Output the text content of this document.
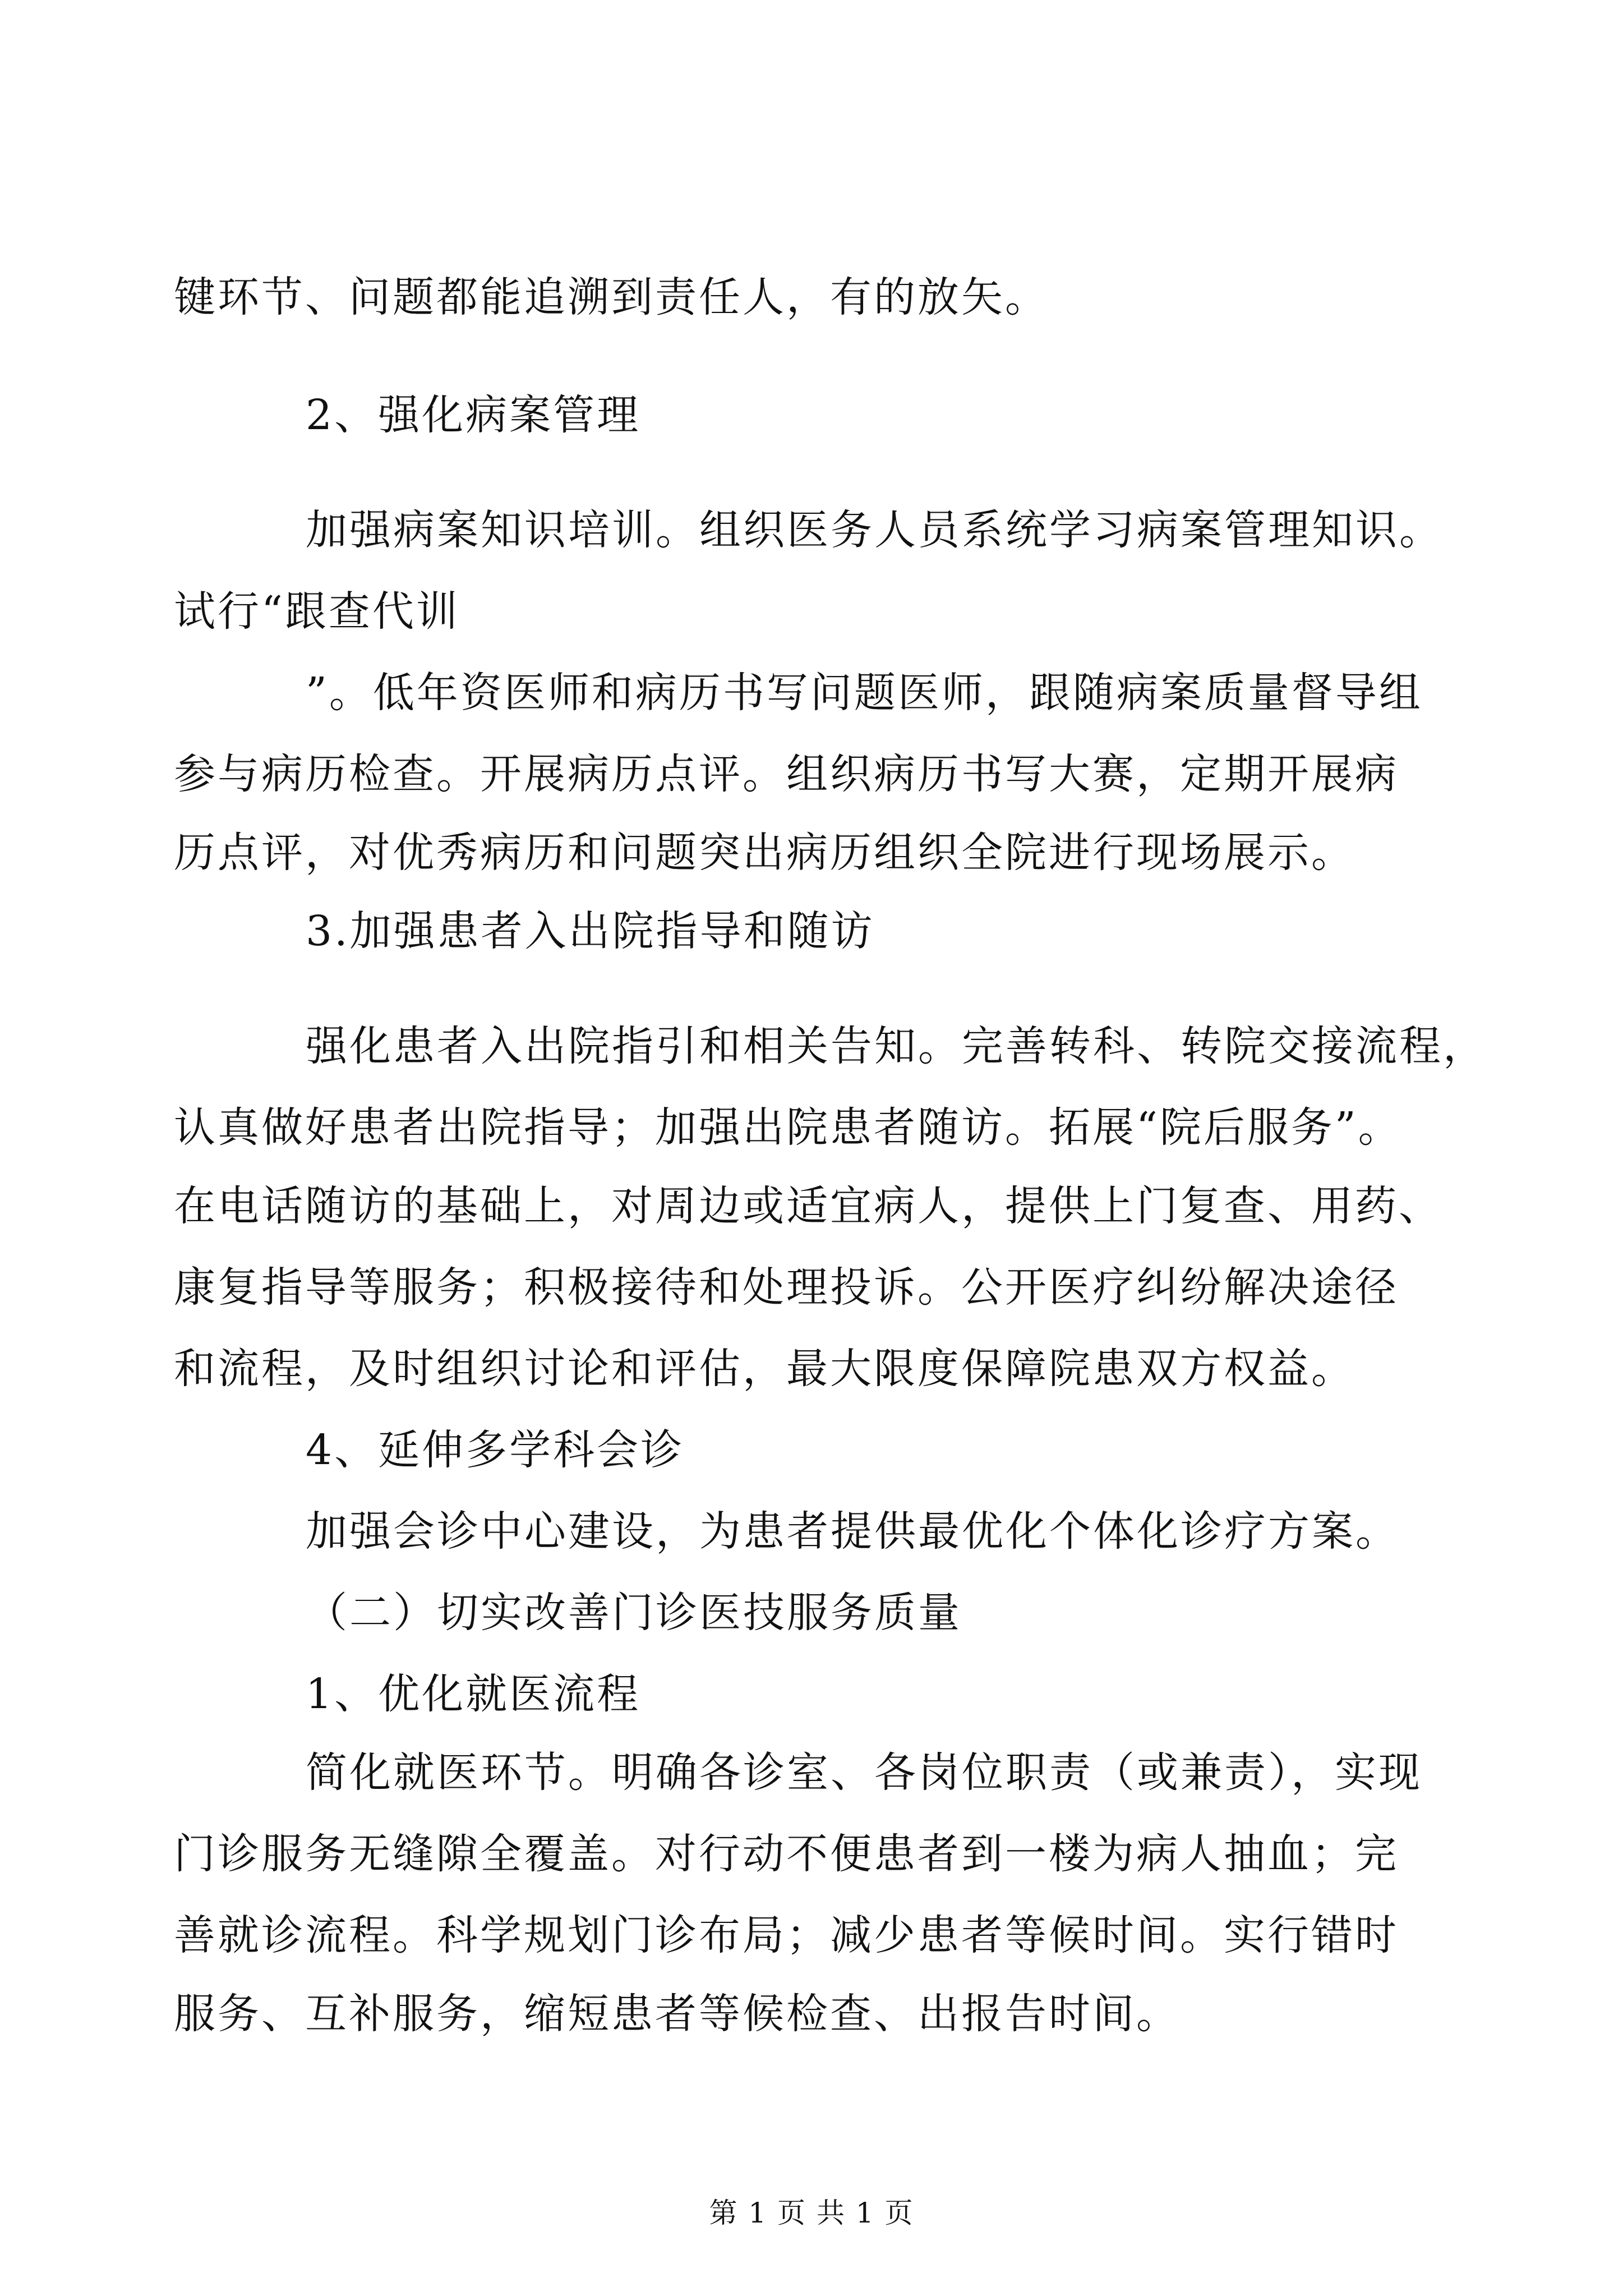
键环节、问题都能追溯到责任人，有的放矢。
2、强化病案管理
加强病案知识培训。组织医务人员系统学习病案管理知识。
试行“跟查代训
”。低年资医师和病历书写问题医师，跟随病案质量督导组
参与病历检查。开展病历点评。组织病历书写大赛，定期开展病
历点评，对优秀病历和问题突出病历组织全院进行现场展示。
3.加强患者入出院指导和随访
强化患者入出院指引和相关告知。完善转科、转院交接流程，
认真做好患者出院指导；加强出院患者随访。拓展“院后服务”。
在电话随访的基础上，对周边或适宜病人，提供上门复查、用药、
康复指导等服务；积极接待和处理投诉。公开医疗纠纷解决途径
和流程，及时组织讨论和评估，最大限度保障院患双方权益。
4、延伸多学科会诊
加强会诊中心建设，为患者提供最优化个体化诊疗方案。
（二）切实改善门诊医技服务质量
1、优化就医流程
简化就医环节。明确各诊室、各岗位职责（或兼责），实现
门诊服务无缝隙全覆盖。对行动不便患者到一楼为病人抽血；完
善就诊流程。科学规划门诊布局；减少患者等候时间。实行错时
服务、互补服务，缩短患者等候检查、出报告时间。
第 1 页 共 1 页
